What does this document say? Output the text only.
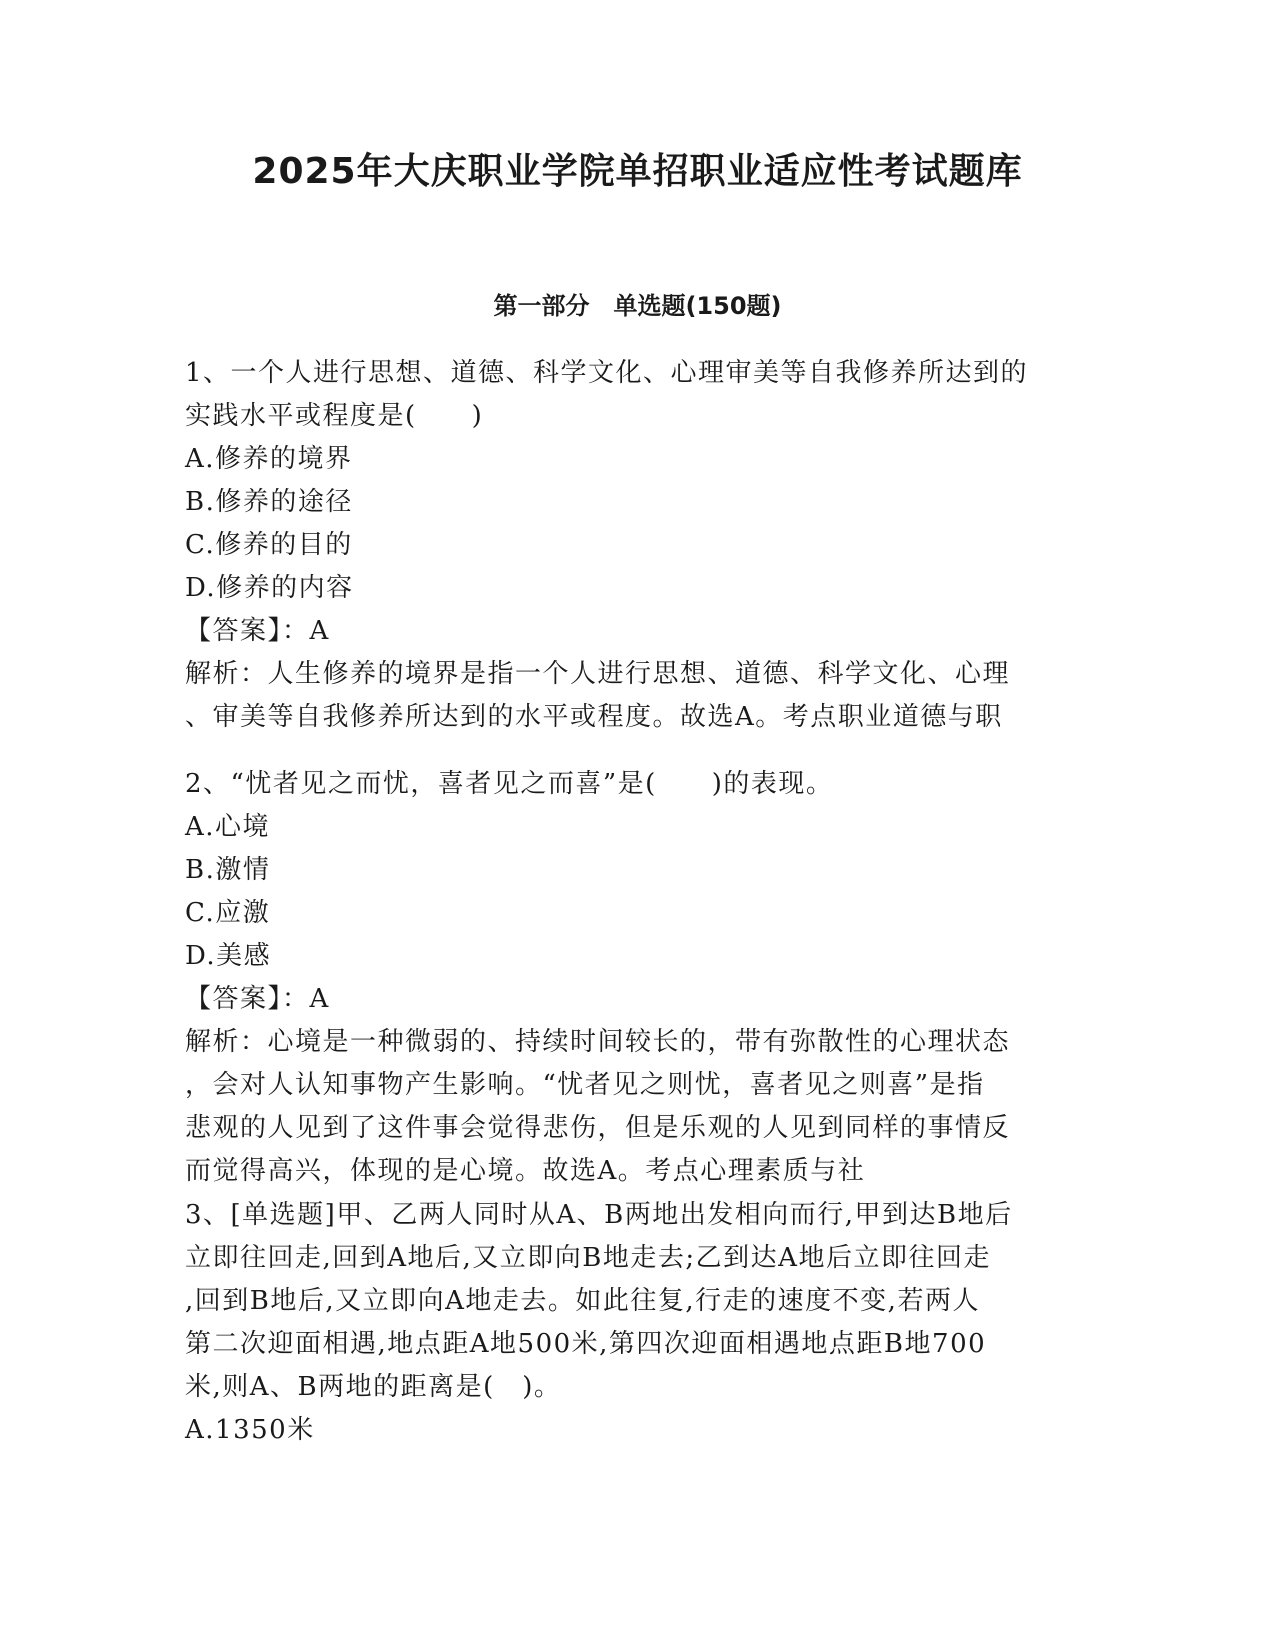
2025年大庆职业学院单招职业适应性考试题库
第一部分　单选题(150题)
1、一个人进行思想、道德、科学文化、心理审美等自我修养所达到的
实践水平或程度是(　　)
A.修养的境界
B.修养的途径
C.修养的目的
D.修养的内容
【答案】：A
解析：人生修养的境界是指一个人进行思想、道德、科学文化、心理
、审美等自我修养所达到的水平或程度。故选A。考点职业道德与职
2、“忧者见之而忧，喜者见之而喜”是(　　)的表现。
A.心境
B.激情
C.应激
D.美感
【答案】：A
解析：心境是一种微弱的、持续时间较长的，带有弥散性的心理状态
，会对人认知事物产生影响。“忧者见之则忧，喜者见之则喜”是指
悲观的人见到了这件事会觉得悲伤，但是乐观的人见到同样的事情反
而觉得高兴，体现的是心境。故选A。考点心理素质与社
3、[单选题]甲、乙两人同时从A、B两地出发相向而行,甲到达B地后
立即往回走,回到A地后,又立即向B地走去;乙到达A地后立即往回走
,回到B地后,又立即向A地走去。如此往复,行走的速度不变,若两人
第二次迎面相遇,地点距A地500米,第四次迎面相遇地点距B地700
米,则A、B两地的距离是(　)。
A.1350米
